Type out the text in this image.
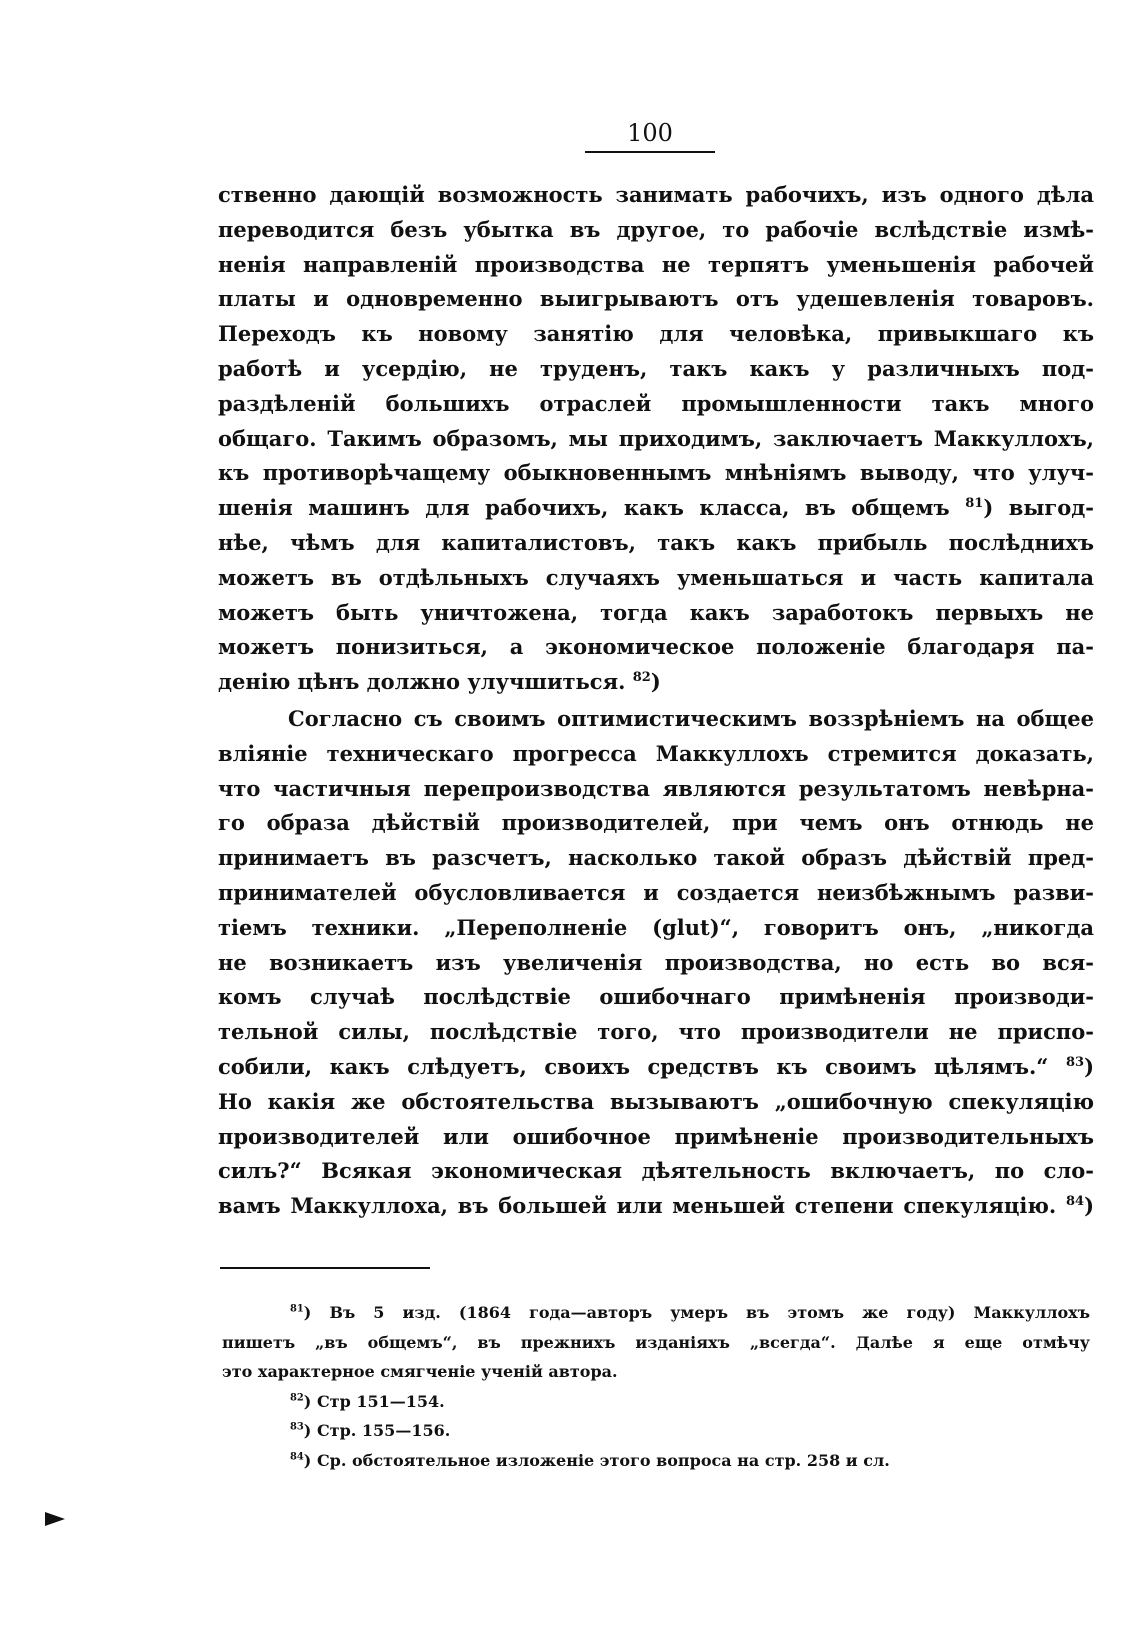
100
ственно дающій возможность занимать рабочихъ, изъ одного дѣла
переводится безъ убытка въ другое, то рабочіе вслѣдствіе измѣ-
ненія направленій производства не терпятъ уменьшенія рабочей
платы и одновременно выигрываютъ отъ удешевленія товаровъ.
Переходъ къ новому занятію для человѣка, привыкшаго къ
работѣ и усердію, не труденъ, такъ какъ у различныхъ под-
раздѣленій большихъ отраслей промышленности такъ много
общаго. Такимъ образомъ, мы приходимъ, заключаетъ Маккуллохъ,
къ противорѣчащему обыкновеннымъ мнѣніямъ выводу, что улуч-
шенія машинъ для рабочихъ, какъ класса, въ общемъ $^{81}$) выгод-
нѣе, чѣмъ для капиталистовъ, такъ какъ прибыль послѣднихъ
можетъ въ отдѣльныхъ случаяхъ уменьшаться и часть капитала
можетъ быть уничтожена, тогда какъ заработокъ первыхъ не
можетъ понизиться, а экономическое положеніе благодаря па-
денію цѣнъ должно улучшиться. $^{82}$)
Согласно съ своимъ оптимистическимъ воззрѣніемъ на общее
вліяніе техническаго прогресса Маккуллохъ стремится доказать,
что частичныя перепроизводства являются результатомъ невѣрна-
го образа дѣйствій производителей, при чемъ онъ отнюдь не
принимаетъ въ разсчетъ, насколько такой образъ дѣйствій пред-
принимателей обусловливается и создается неизбѣжнымъ разви-
тіемъ техники. „Переполненіе (glut)“, говоритъ онъ, „никогда
не возникаетъ изъ увеличенія производства, но есть во вся-
комъ случаѣ послѣдствіе ошибочнаго примѣненія производи-
тельной силы, послѣдствіе того, что производители не приспо-
собили, какъ слѣдуетъ, своихъ средствъ къ своимъ цѣлямъ.“ $^{83}$)
Но какія же обстоятельства вызываютъ „ошибочную спекуляцію
производителей или ошибочное примѣненіе производительныхъ
силъ?“ Всякая экономическая дѣятельность включаетъ, по сло-
вамъ Маккуллоха, въ большей или меньшей степени спекуляцію. $^{84}$)
$^{81}$) Въ 5 изд. (1864 года—авторъ умеръ въ этомъ же году) Маккуллохъ
пишетъ „въ общемъ“, въ прежнихъ изданіяхъ „всегда“. Далѣе я еще отмѣчу
это характерное смягченіе ученій автора.
$^{82}$) Стр 151—154.
$^{83}$) Стр. 155—156.
$^{84}$) Ср. обстоятельное изложеніе этого вопроса на стр. 258 и сл.
